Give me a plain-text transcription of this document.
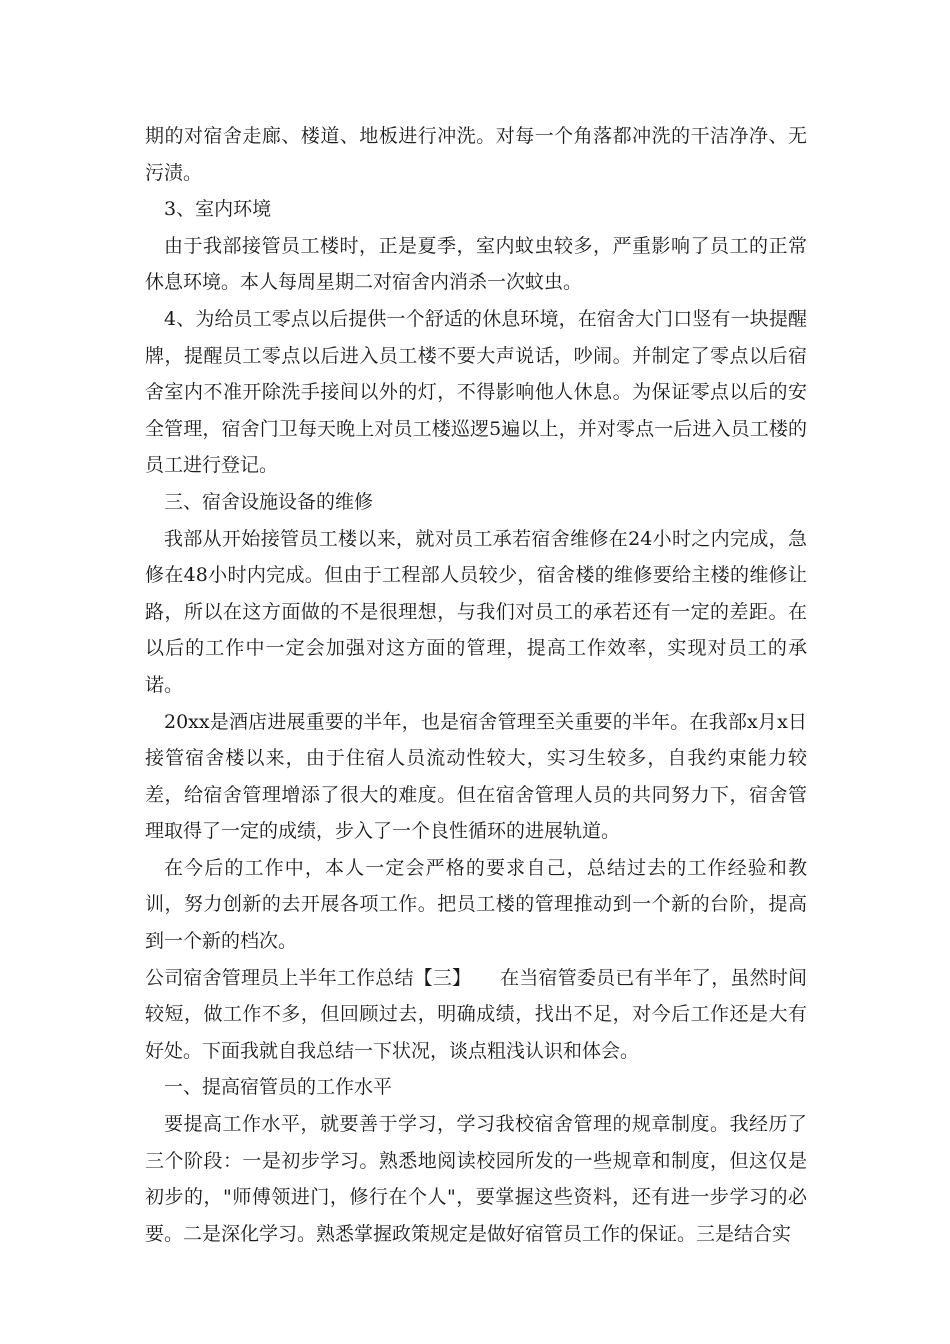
期的对宿舍走廊、楼道、地板进行冲洗。对每一个角落都冲洗的干洁净净、无污渍。

3、室内环境

由于我部接管员工楼时，正是夏季，室内蚊虫较多，严重影响了员工的正常休息环境。本人每周星期二对宿舍内消杀一次蚊虫。

4、为给员工零点以后提供一个舒适的休息环境，在宿舍大门口竖有一块提醒牌，提醒员工零点以后进入员工楼不要大声说话，吵闹。并制定了零点以后宿舍室内不准开除洗手接间以外的灯，不得影响他人休息。为保证零点以后的安全管理，宿舍门卫每天晚上对员工楼巡逻5遍以上，并对零点一后进入员工楼的员工进行登记。

三、宿舍设施设备的维修

我部从开始接管员工楼以来，就对员工承若宿舍维修在24小时之内完成，急修在48小时内完成。但由于工程部人员较少，宿舍楼的维修要给主楼的维修让路，所以在这方面做的不是很理想，与我们对员工的承若还有一定的差距。在以后的工作中一定会加强对这方面的管理，提高工作效率，实现对员工的承诺。

20xx是酒店进展重要的半年，也是宿舍管理至关重要的半年。在我部x月x日接管宿舍楼以来，由于住宿人员流动性较大，实习生较多，自我约束能力较差，给宿舍管理增添了很大的难度。但在宿舍管理人员的共同努力下，宿舍管理取得了一定的成绩，步入了一个良性循环的进展轨道。

在今后的工作中，本人一定会严格的要求自己，总结过去的工作经验和教训，努力创新的去开展各项工作。把员工楼的管理推动到一个新的台阶，提高到一个新的档次。

公司宿舍管理员上半年工作总结【三】　　在当宿管委员已有半年了，虽然时间较短，做工作不多，但回顾过去，明确成绩，找出不足，对今后工作还是大有好处。下面我就自我总结一下状况，谈点粗浅认识和体会。

一、提高宿管员的工作水平

要提高工作水平，就要善于学习，学习我校宿舍管理的规章制度。我经历了三个阶段：一是初步学习。熟悉地阅读校园所发的一些规章和制度，但这仅是初步的，"师傅领进门，修行在个人"，要掌握这些资料，还有进一步学习的必要。二是深化学习。熟悉掌握政策规定是做好宿管员工作的保证。三是结合实
